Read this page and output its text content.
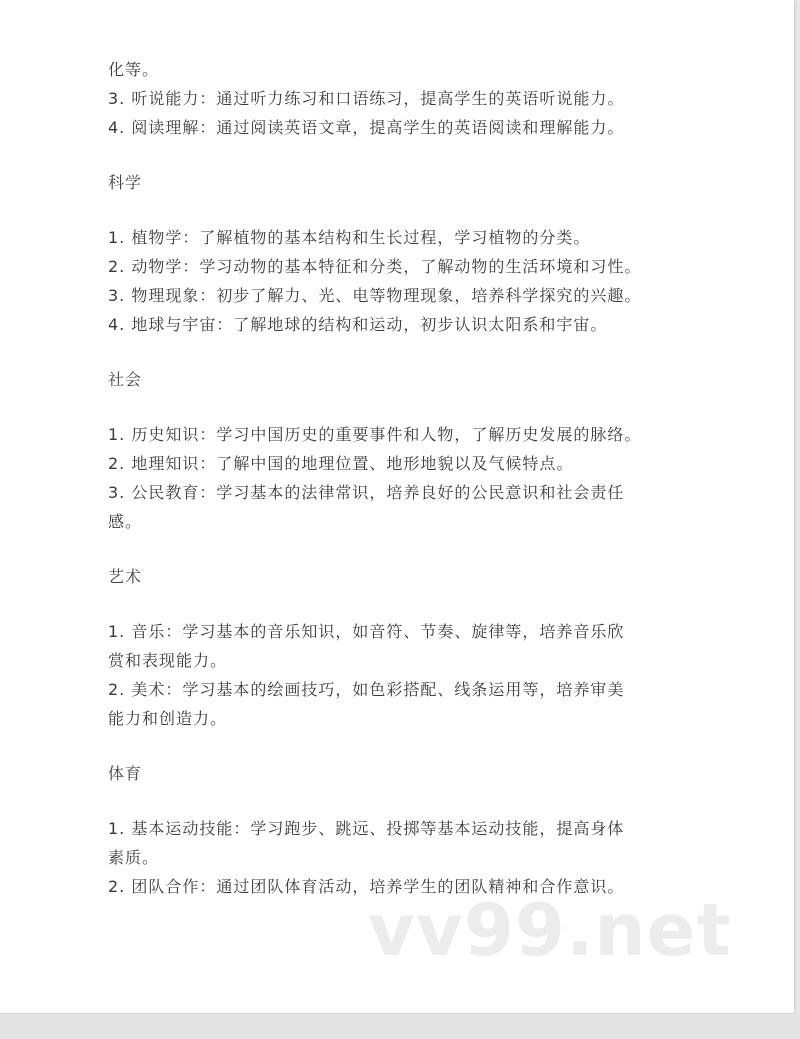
化等。
3. 听说能力：通过听力练习和口语练习，提高学生的英语听说能力。
4. 阅读理解：通过阅读英语文章，提高学生的英语阅读和理解能力。
科学
1. 植物学：了解植物的基本结构和生长过程，学习植物的分类。
2. 动物学：学习动物的基本特征和分类，了解动物的生活环境和习性。
3. 物理现象：初步了解力、光、电等物理现象，培养科学探究的兴趣。
4. 地球与宇宙：了解地球的结构和运动，初步认识太阳系和宇宙。
社会
1. 历史知识：学习中国历史的重要事件和人物，了解历史发展的脉络。
2. 地理知识：了解中国的地理位置、地形地貌以及气候特点。
3. 公民教育：学习基本的法律常识，培养良好的公民意识和社会责任
感。
艺术
1. 音乐：学习基本的音乐知识，如音符、节奏、旋律等，培养音乐欣
赏和表现能力。
2. 美术：学习基本的绘画技巧，如色彩搭配、线条运用等，培养审美
能力和创造力。
体育
1. 基本运动技能：学习跑步、跳远、投掷等基本运动技能，提高身体
素质。
2. 团队合作：通过团队体育活动，培养学生的团队精神和合作意识。
vv99.net
